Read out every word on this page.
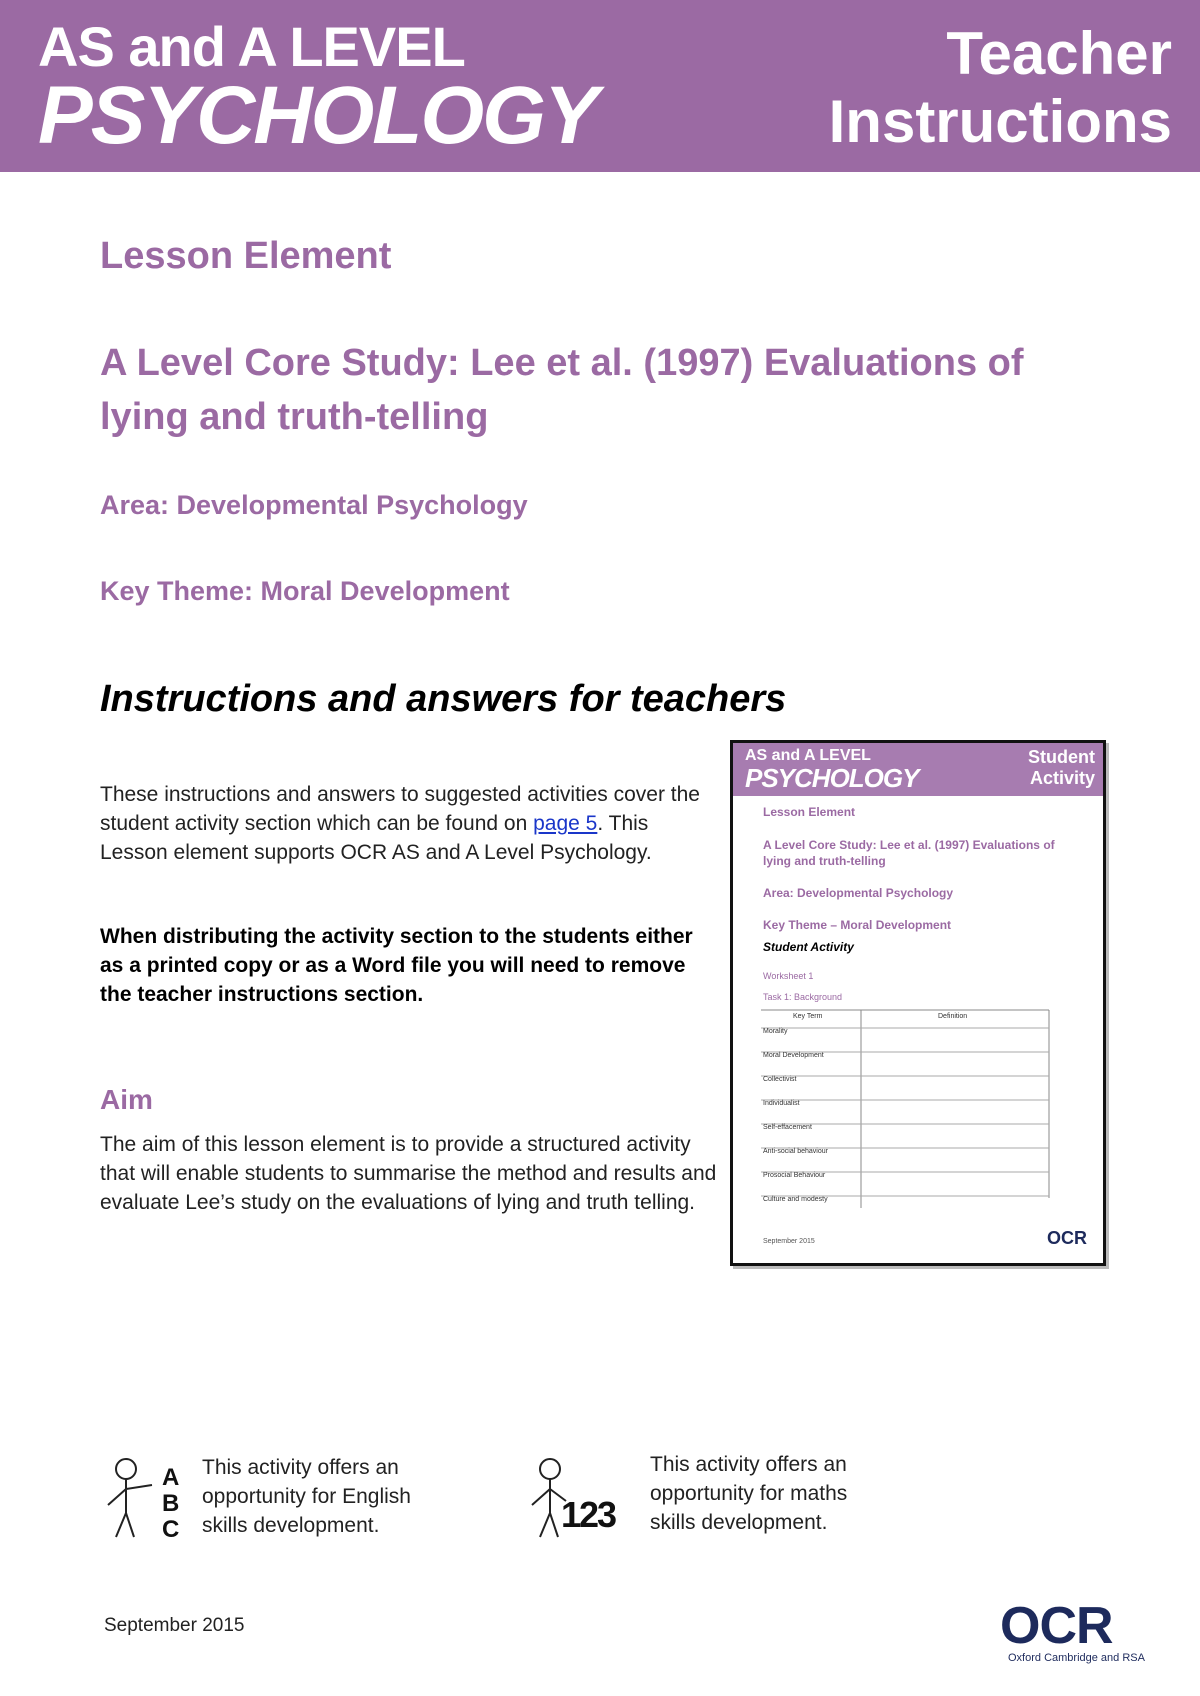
AS and A LEVEL
PSYCHOLOGY
Teacher
Instructions
Lesson Element
A Level Core Study: Lee et al. (1997) Evaluations of lying and truth-telling
Area: Developmental Psychology
Key Theme: Moral Development
Instructions and answers for teachers
These instructions and answers to suggested activities cover the student activity section which can be found on page 5. This Lesson element supports OCR AS and A Level Psychology.
When distributing the activity section to the students either as a printed copy or as a Word file you will need to remove the teacher instructions section.
Aim
The aim of this lesson element is to provide a structured activity that will enable students to summarise the method and results and evaluate Lee’s study on the evaluations of lying and truth telling.
AS and A LEVEL
PSYCHOLOGY
Student
Activity
Lesson Element
A Level Core Study: Lee et al. (1997) Evaluations of lying and truth-telling
Area: Developmental Psychology
Key Theme – Moral Development
Student Activity
Worksheet 1
Task 1: Background
Key Term	Definition
Morality
Moral Development
Collectivist
Individualist
Self-effacement
Anti-social behaviour
Prosocial Behaviour
Culture and modesty
September 2015	OCR
A
B
C
This activity offers an opportunity for English skills development.	123
This activity offers an opportunity for maths skills development.
September 2015	OCR
Oxford Cambridge and RSA
